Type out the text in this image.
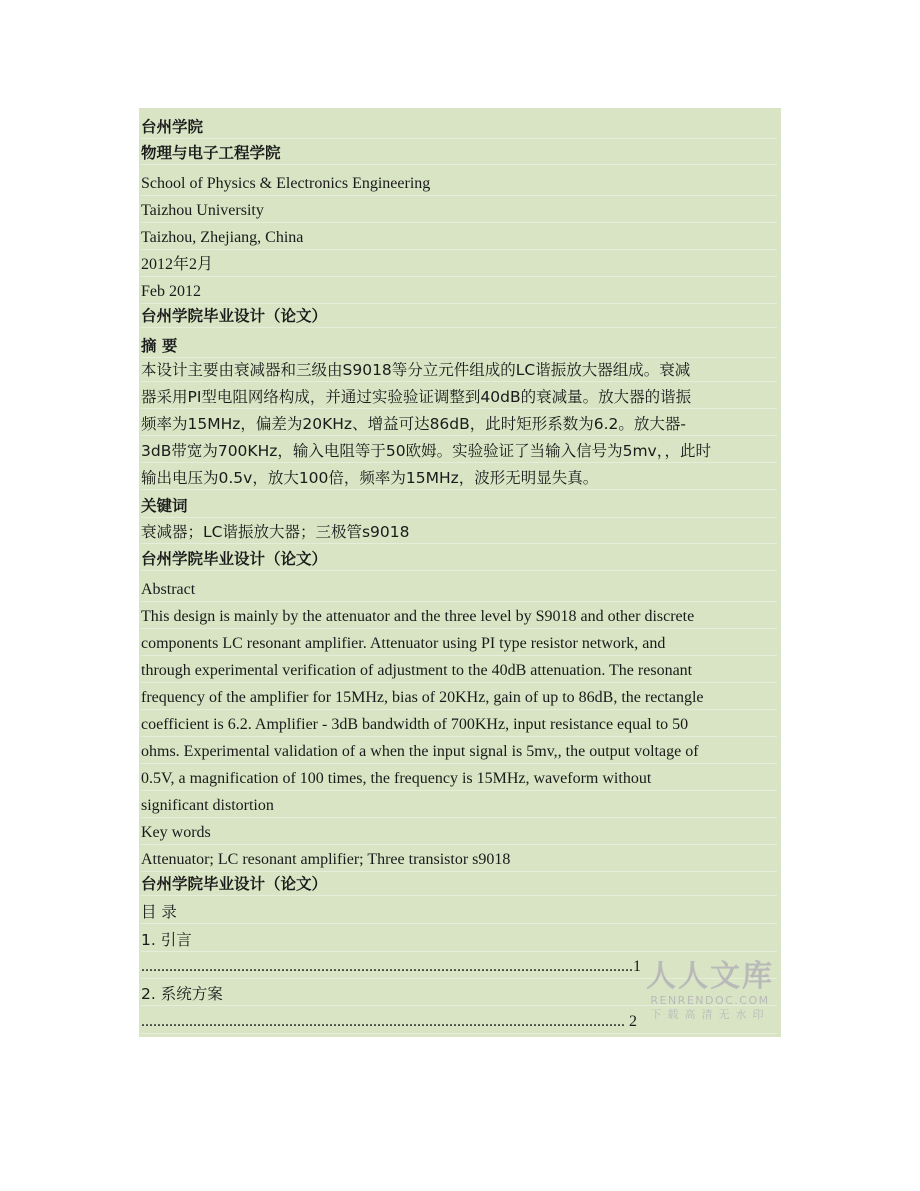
台州学院
物理与电子工程学院
School of Physics & Electronics Engineering
Taizhou University
Taizhou, Zhejiang, China
2012年2月
Feb 2012
台州学院毕业设计（论文）
摘 要
本设计主要由衰减器和三级由S9018等分立元件组成的LC谐振放大器组成。衰减
器采用PI型电阻网络构成，并通过实验验证调整到40dB的衰减量。放大器的谐振
频率为15MHz，偏差为20KHz、增益可达86dB，此时矩形系数为6.2。放大器-
3dB带宽为700KHz，输入电阻等于50欧姆。实验验证了当输入信号为5mv，，此时
输出电压为0.5v，放大100倍，频率为15MHz，波形无明显失真。
关键词
衰减器；LC谐振放大器；三极管s9018
台州学院毕业设计（论文）
Abstract
This design is mainly by the attenuator and the three level by S9018 and other discrete
components LC resonant amplifier. Attenuator using PI type resistor network, and
through experimental verification of adjustment to the 40dB attenuation. The resonant
frequency of the amplifier for 15MHz, bias of 20KHz, gain of up to 86dB, the rectangle
coefficient is 6.2. Amplifier - 3dB bandwidth of 700KHz, input resistance equal to 50
ohms. Experimental validation of a when the input signal is 5mv,, the output voltage of
0.5V, a magnification of 100 times, the frequency is 15MHz, waveform without
significant distortion
Key words
Attenuator; LC resonant amplifier; Three transistor s9018
台州学院毕业设计（论文）
目 录
1. 引言
...........................................................................................................................1
2. 系统方案
......................................................................................................................... 2
人人文库
RENRENDOC.COM
下载高清无水印
